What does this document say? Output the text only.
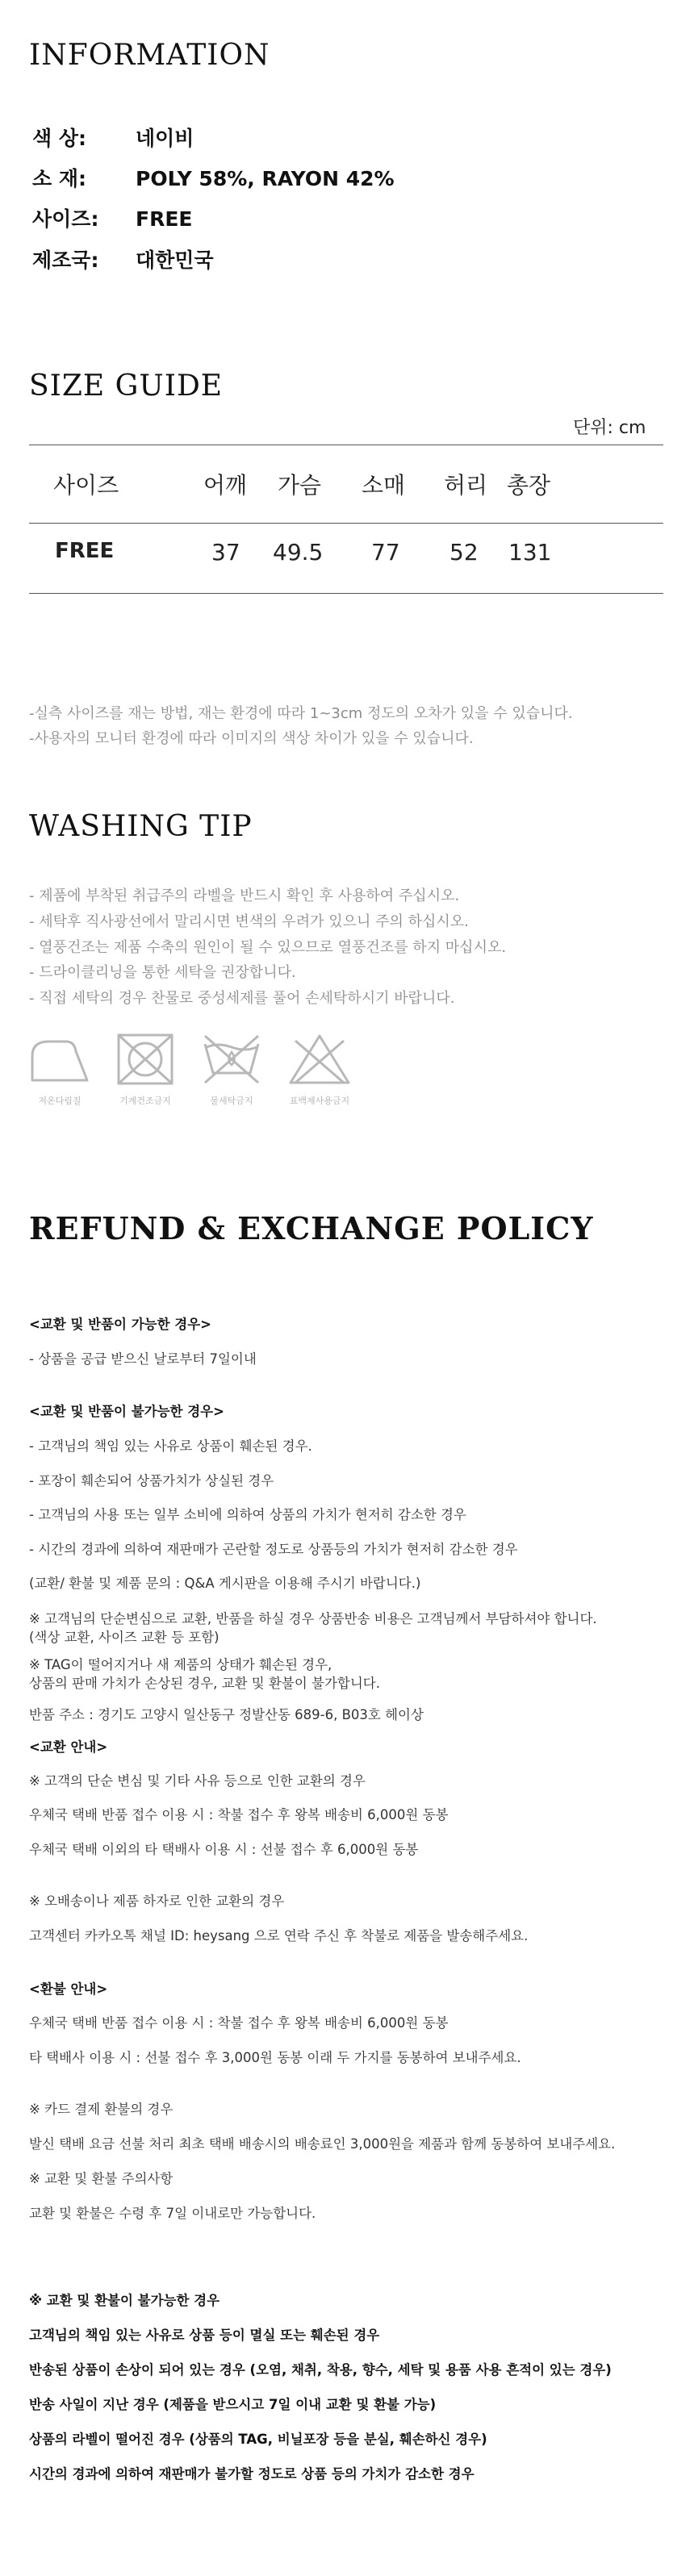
INFORMATION
색 상: 네이비
소 재: POLY 58%, RAYON 42%
사이즈: FREE
제조국: 대한민국
SIZE GUIDE
단위: cm
사이즈	어깨 가슴 소매 허리 총장
FREE	37 49.5 77 52 131
-실측 사이즈를 재는 방법, 재는 환경에 따라 1~3cm 정도의 오차가 있을 수 있습니다.
-사용자의 모니터 환경에 따라 이미지의 색상 차이가 있을 수 있습니다.
WASHING TIP
- 제품에 부착된 취급주의 라벨을 반드시 확인 후 사용하여 주십시오.
- 세탁후 직사광선에서 말리시면 변색의 우려가 있으니 주의 하십시오.
- 열풍건조는 제품 수축의 원인이 될 수 있으므로 열풍건조를 하지 마십시오.
- 드라이클리닝을 통한 세탁을 권장합니다.
- 직접 세탁의 경우 찬물로 중성세제를 풀어 손세탁하시기 바랍니다.
저온다림질	기계건조금지	물세탁금지	표백제사용금지
REFUND & EXCHANGE POLICY
<교환 및 반품이 가능한 경우>
- 상품을 공급 받으신 날로부터 7일이내
<교환 및 반품이 불가능한 경우>
- 고객님의 책임 있는 사유로 상품이 훼손된 경우.
- 포장이 훼손되어 상품가치가 상실된 경우
- 고객님의 사용 또는 일부 소비에 의하여 상품의 가치가 현저히 감소한 경우
- 시간의 경과에 의하여 재판매가 곤란할 정도로 상품등의 가치가 현저히 감소한 경우
(교환/ 환불 및 제품 문의 : Q&A 게시판을 이용해 주시기 바랍니다.)
※ 고객님의 단순변심으로 교환, 반품을 하실 경우 상품반송 비용은 고객님께서 부담하셔야 합니다.
(색상 교환, 사이즈 교환 등 포함)
※ TAG이 떨어지거나 새 제품의 상태가 훼손된 경우,
상품의 판매 가치가 손상된 경우, 교환 및 환불이 불가합니다.
반품 주소 : 경기도 고양시 일산동구 정발산동 689-6, B03호 헤이상
<교환 안내>
※ 고객의 단순 변심 및 기타 사유 등으로 인한 교환의 경우
우체국 택배 반품 접수 이용 시 : 착불 접수 후 왕복 배송비 6,000원 동봉
우체국 택배 이외의 타 택배사 이용 시 : 선불 접수 후 6,000원 동봉
※ 오배송이나 제품 하자로 인한 교환의 경우
고객센터 카카오톡 채널 ID: heysang 으로 연락 주신 후 착불로 제품을 발송해주세요.
<환불 안내>
우체국 택배 반품 접수 이용 시 : 착불 접수 후 왕복 배송비 6,000원 동봉
타 택배사 이용 시 : 선불 접수 후 3,000원 동봉 이래 두 가지를 동봉하여 보내주세요.
※ 카드 결제 환불의 경우
발신 택배 요금 선불 처리 최초 택배 배송시의 배송료인 3,000원을 제품과 함께 동봉하여 보내주세요.
※ 교환 및 환불 주의사항
교환 및 환불은 수령 후 7일 이내로만 가능합니다.
※ 교환 및 환불이 불가능한 경우
고객님의 책임 있는 사유로 상품 등이 멸실 또는 훼손된 경우
반송된 상품이 손상이 되어 있는 경우 (오염, 채취, 착용, 향수, 세탁 및 용품 사용 흔적이 있는 경우)
반송 사일이 지난 경우 (제품을 받으시고 7일 이내 교환 및 환불 가능)
상품의 라벨이 떨어진 경우 (상품의 TAG, 비닐포장 등을 분실, 훼손하신 경우)
시간의 경과에 의하여 재판매가 불가할 정도로 상품 등의 가치가 감소한 경우
